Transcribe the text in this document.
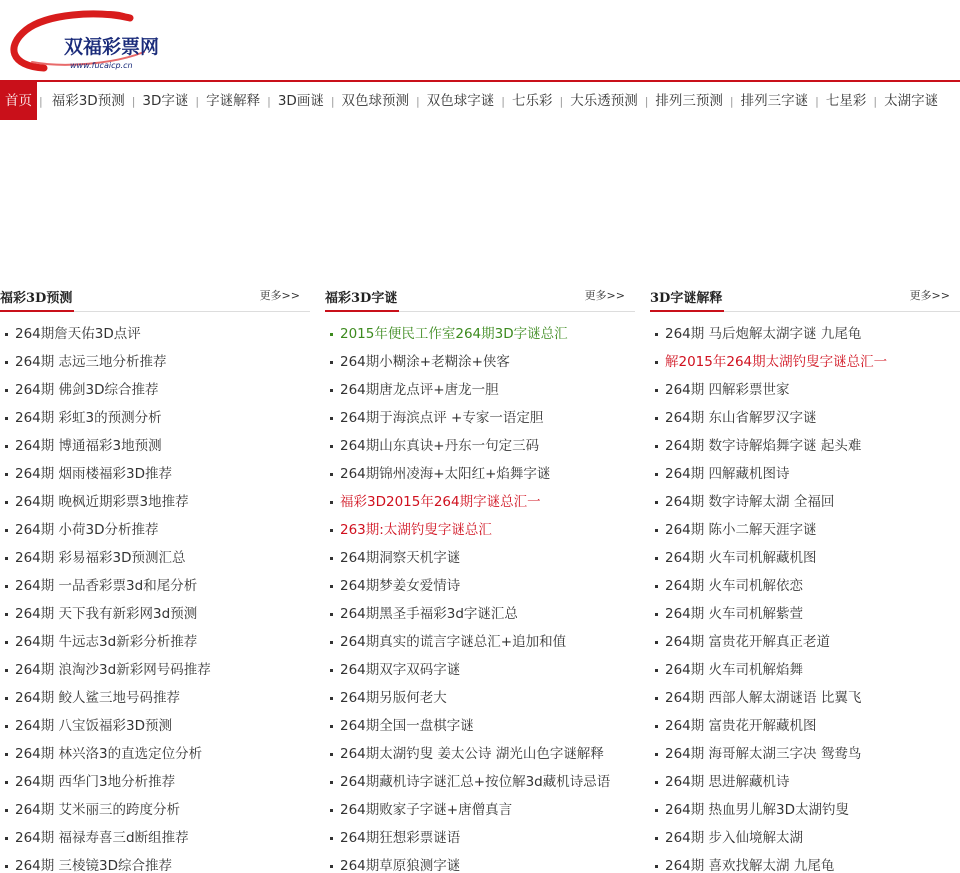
双福彩票网
www.fucaicp.cn
首页 | 福彩3D预测 | 3D字谜 | 字谜解释 | 3D画谜 | 双色球预测 | 双色球字谜 | 七乐彩 | 大乐透预测 | 排列三预测 | 排列三字谜 | 七星彩 | 太湖字谜
福彩3D预测	更多>>
264期詹天佑3D点评
264期 志远三地分析推荐
264期 佛剑3D综合推荐
264期 彩虹3的预测分析
264期 博通福彩3地预测
264期 烟雨楼福彩3D推荐
264期 晚枫近期彩票3地推荐
264期 小荷3D分析推荐
264期 彩易福彩3D预测汇总
264期 一品香彩票3d和尾分析
264期 天下我有新彩网3d预测
264期 牛远志3d新彩分析推荐
264期 浪淘沙3d新彩网号码推荐
264期 鲛人鲨三地号码推荐
264期 八宝饭福彩3D预测
264期 林兴洛3的直选定位分析
264期 西华门3地分析推荐
264期 艾米丽三的跨度分析
264期 福禄寿喜三d断组推荐
264期 三棱镜3D综合推荐
福彩3D字谜	更多>>
2015年便民工作室264期3D字谜总汇
264期小糊涂+老糊涂+侠客
264期唐龙点评+唐龙一胆
264期于海滨点评 +专家一语定胆
264期山东真诀+丹东一句定三码
264期锦州凌海+太阳红+焰舞字谜
福彩3D2015年264期字谜总汇一
263期:太湖钓叟字谜总汇
264期洞察天机字谜
264期梦姜女爱情诗
264期黑圣手福彩3d字谜汇总
264期真实的谎言字谜总汇+追加和值
264期双字双码字谜
264期另版何老大
264期全国一盘棋字谜
264期太湖钓叟 姜太公诗 湖光山色字谜解释
264期藏机诗字谜汇总+按位解3d藏机诗忌语
264期败家子字谜+唐僧真言
264期狂想彩票谜语
264期草原狼测字谜
3D字谜解释	更多>>
264期 马后炮解太湖字谜 九尾龟
解2015年264期太湖钓叟字谜总汇一
264期 四解彩票世家
264期 东山省解罗汉字谜
264期 数字诗解焰舞字谜 起头难
264期 四解藏机图诗
264期 数字诗解太湖 全福回
264期 陈小二解天涯字谜
264期 火车司机解藏机图
264期 火车司机解依恋
264期 火车司机解紫萱
264期 富贵花开解真正老道
264期 火车司机解焰舞
264期 西部人解太湖谜语 比翼飞
264期 富贵花开解藏机图
264期 海哥解太湖三字决 鸳鸯鸟
264期 思进解藏机诗
264期 热血男儿解3D太湖钓叟
264期 步入仙境解太湖
264期 喜欢找解太湖 九尾龟
